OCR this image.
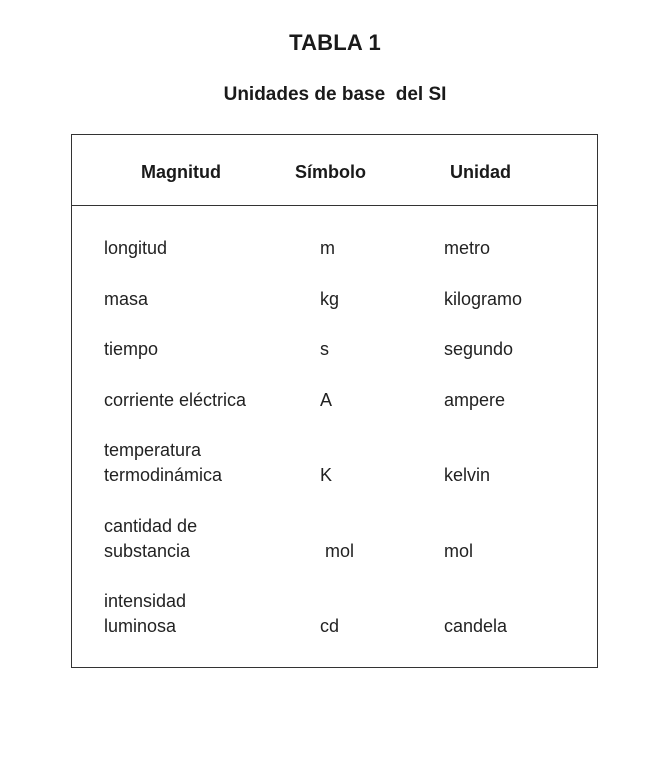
TABLA 1
Unidades de base  del SI
Magnitud	Símbolo	Unidad
longitud	m	metro
masa	kg	kilogramo
tiempo	s	segundo
corriente eléctrica	A	ampere
temperatura
termodinámica	K	kelvin
cantidad de
substancia	mol	mol
intensidad
luminosa	cd	candela
